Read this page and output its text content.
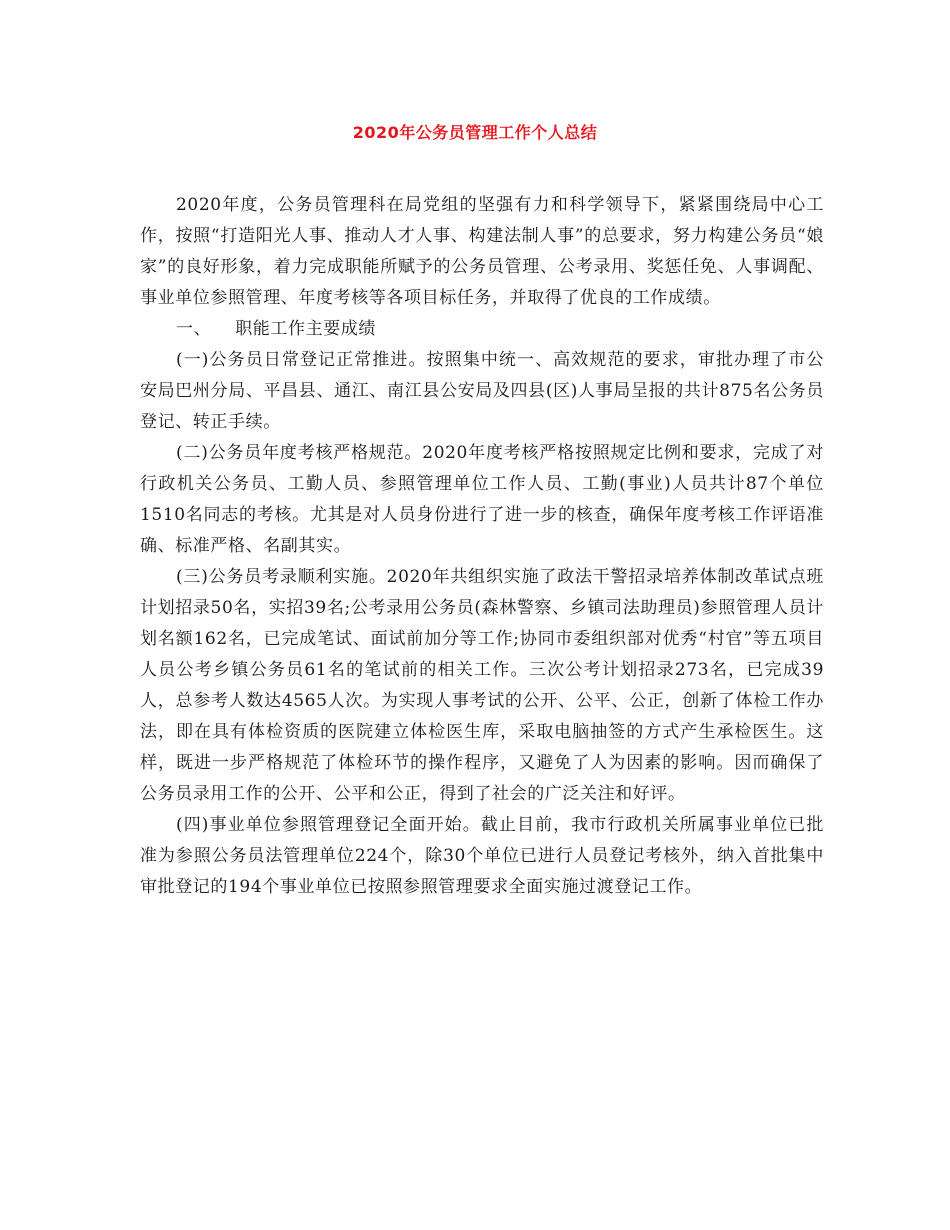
2020年公务员管理工作个人总结

2020年度，公务员管理科在局党组的坚强有力和科学领导下，紧紧围绕局中心工作，按照“打造阳光人事、推动人才人事、构建法制人事”的总要求，努力构建公务员“娘家”的良好形象，着力完成职能所赋予的公务员管理、公考录用、奖惩任免、人事调配、事业单位参照管理、年度考核等各项目标任务，并取得了优良的工作成绩。

一、 职能工作主要成绩

(一)公务员日常登记正常推进。按照集中统一、高效规范的要求，审批办理了市公安局巴州分局、平昌县、通江、南江县公安局及四县(区)人事局呈报的共计875名公务员登记、转正手续。

(二)公务员年度考核严格规范。2020年度考核严格按照规定比例和要求，完成了对行政机关公务员、工勤人员、参照管理单位工作人员、工勤(事业)人员共计87个单位1510名同志的考核。尤其是对人员身份进行了进一步的核查，确保年度考核工作评语准确、标准严格、名副其实。

(三)公务员考录顺利实施。2020年共组织实施了政法干警招录培养体制改革试点班计划招录50名，实招39名;公考录用公务员(森林警察、乡镇司法助理员)参照管理人员计划名额162名，已完成笔试、面试前加分等工作;协同市委组织部对优秀“村官”等五项目人员公考乡镇公务员61名的笔试前的相关工作。三次公考计划招录273名，已完成39人，总参考人数达4565人次。为实现人事考试的公开、公平、公正，创新了体检工作办法，即在具有体检资质的医院建立体检医生库，采取电脑抽签的方式产生承检医生。这样，既进一步严格规范了体检环节的操作程序，又避免了人为因素的影响。因而确保了公务员录用工作的公开、公平和公正，得到了社会的广泛关注和好评。

(四)事业单位参照管理登记全面开始。截止目前，我市行政机关所属事业单位已批准为参照公务员法管理单位224个，除30个单位已进行人员登记考核外，纳入首批集中审批登记的194个事业单位已按照参照管理要求全面实施过渡登记工作。
